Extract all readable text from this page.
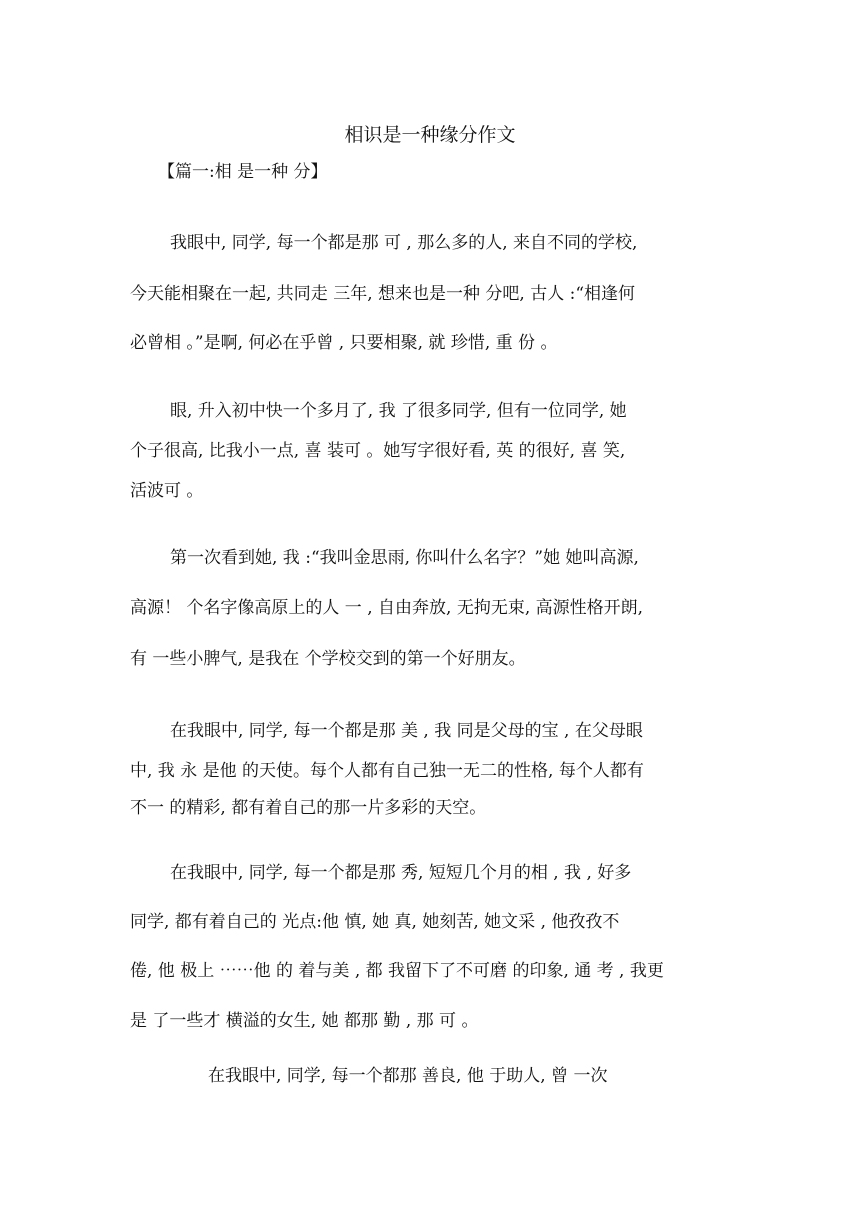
相识是一种缘分作文
【篇一:相 是一种 分】
我眼中, 同学, 每一个都是那 可 , 那么多的人, 来自不同的学校,
今天能相聚在一起, 共同走 三年, 想来也是一种 分吧, 古人 :“相逢何
必曾相 。”是啊, 何必在乎曾 , 只要相聚, 就 珍惜, 重 份 。
眼, 升入初中快一个多月了, 我 了很多同学, 但有一位同学, 她
个子很高, 比我小一点, 喜 装可 。她写字很好看, 英 的很好, 喜 笑,
活波可 。
第一次看到她, 我 :“我叫金思雨, 你叫什么名字？”她 她叫高源,
高源！ 个名字像高原上的人 一 , 自由奔放, 无拘无束, 高源性格开朗,
有 一些小脾气, 是我在 个学校交到的第一个好朋友。
在我眼中, 同学, 每一个都是那 美 , 我 同是父母的宝 , 在父母眼
中, 我 永 是他 的天使。每个人都有自己独一无二的性格, 每个人都有
不一 的精彩, 都有着自己的那一片多彩的天空。
在我眼中, 同学, 每一个都是那 秀, 短短几个月的相 , 我 , 好多
同学, 都有着自己的 光点:他 慎, 她 真, 她刻苦, 她文采 , 他孜孜不
倦, 他 极上 ⋯⋯他 的 着与美 , 都 我留下了不可磨 的印象, 通 考 , 我更
是 了一些才 横溢的女生, 她 都那 勤 , 那 可 。
在我眼中, 同学, 每一个都那 善良, 他 于助人, 曾 一次
